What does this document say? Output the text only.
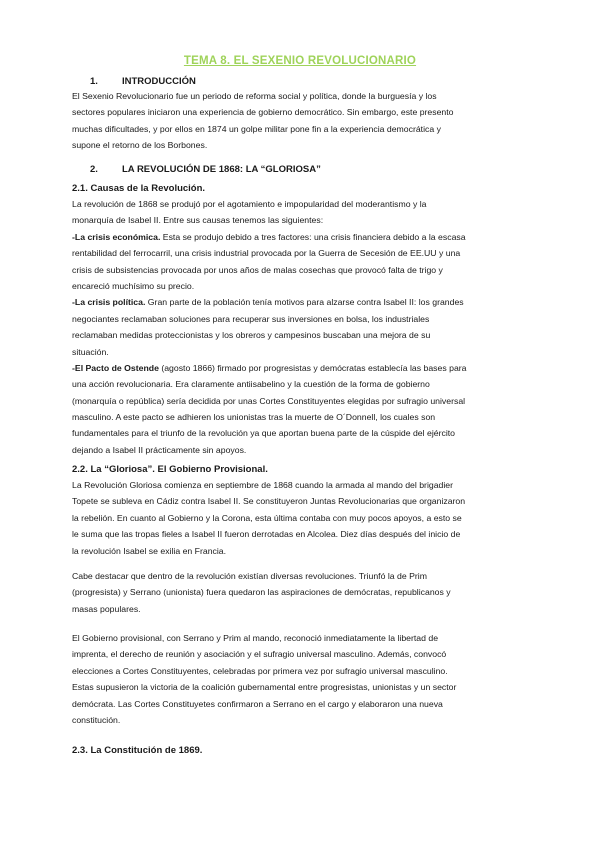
TEMA 8. EL SEXENIO REVOLUCIONARIO
1.	INTRODUCCIÓN
El Sexenio Revolucionario fue un periodo de reforma social y política, donde la burguesía y los
sectores populares iniciaron una experiencia de gobierno democrático. Sin embargo, este presento
muchas dificultades, y por ellos en 1874 un golpe militar pone fin a la experiencia democrática y
supone el retorno de los Borbones.
2.	LA REVOLUCIÓN DE 1868: LA “GLORIOSA”
2.1. Causas de la Revolución.
La revolución de 1868 se produjó por el agotamiento e impopularidad del moderantismo y la
monarquía de Isabel II. Entre sus causas tenemos las siguientes:
-La crisis económica. Esta se produjo debido a tres factores: una crisis financiera debido a la escasa
rentabilidad del ferrocarril, una crisis industrial provocada por la Guerra de Secesión de EE.UU y una
crisis de subsistencias provocada por unos años de malas cosechas que provocó falta de trigo y
encareció muchísimo su precio.
-La crisis política. Gran parte de la población tenía motivos para alzarse contra Isabel II: los grandes
negociantes reclamaban soluciones para recuperar sus inversiones en bolsa, los industriales
reclamaban medidas proteccionistas y los obreros y campesinos buscaban una mejora de su
situación.
-El Pacto de Ostende (agosto 1866) firmado por progresistas y demócratas establecía las bases para
una acción revolucionaria. Era claramente antiisabelino y la cuestión de la forma de gobierno
(monarquía o república) sería decidida por unas Cortes Constituyentes elegidas por sufragio universal
masculino. A este pacto se adhieren los unionistas tras la muerte de O´Donnell, los cuales son
fundamentales para el triunfo de la revolución ya que aportan buena parte de la cúspide del ejército
dejando a Isabel II prácticamente sin apoyos.
2.2. La “Gloriosa”. El Gobierno Provisional.
La Revolución Gloriosa comienza en septiembre de 1868 cuando la armada al mando del brigadier
Topete se subleva en Cádiz contra Isabel II. Se constituyeron Juntas Revolucionarias que organizaron
la rebelión. En cuanto al Gobierno y la Corona, esta última contaba con muy pocos apoyos, a esto se
le suma que las tropas fieles a Isabel II fueron derrotadas en Alcolea. Diez días después del inicio de
la revolución Isabel se exilia en Francia.
Cabe destacar que dentro de la revolución existían diversas revoluciones. Triunfó la de Prim
(progresista) y Serrano (unionista) fuera quedaron las aspiraciones de demócratas, republicanos y
masas populares.
El Gobierno provisional, con Serrano y Prim al mando, reconoció inmediatamente la libertad de
imprenta, el derecho de reunión y asociación y el sufragio universal masculino. Además, convocó
elecciones a Cortes Constituyentes, celebradas por primera vez por sufragio universal masculino.
Estas supusieron la victoria de la coalición gubernamental entre progresistas, unionistas y un sector
demócrata. Las Cortes Constituyetes confirmaron a Serrano en el cargo y elaboraron una nueva
constitución.
2.3. La Constitución de 1869.
